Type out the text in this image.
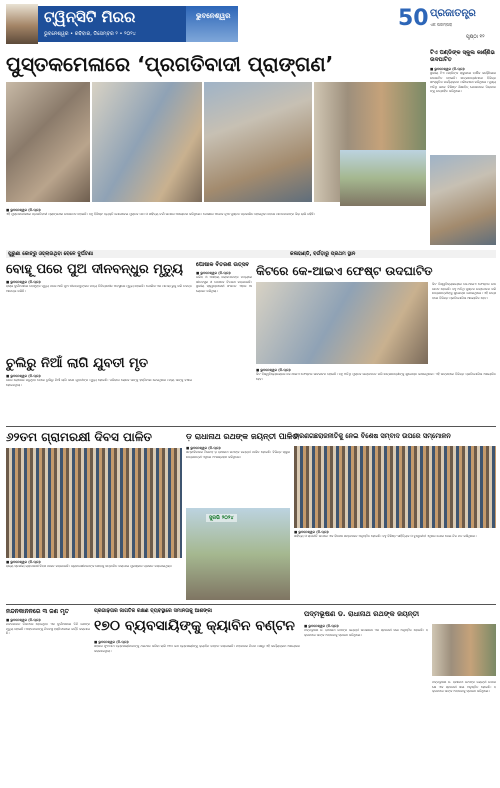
ଟ୍ୱିନ୍‌ସିଟି ମିରର
ଭୁବନେଶ୍ୱର • ରବିବାର, ଡିସେମ୍ବର ୨ • ୨୦୨୪
ଭୁବନେଶ୍ୱର	50 ପ୍ରଜାତନ୍ତ୍ର
ଏକ ପରମ୍ପରା
ପୃଷ୍ଠା ୧୨
ପୁସ୍ତକମେଳାରେ ‘ପ୍ରଗତିବାଦୀ ପ୍ରାଙ୍ଗଣ’
■ ଭୁବନେଶ୍ୱର (ନି.ପ୍ର):
ଏହି ପୁସ୍ତକମେଳାରେ ପ୍ରଗତିବାଦୀ ପ୍ରାଙ୍ଗଣର ଉଦଘାଟନ ହୋଇଛି। ବହୁ ବିଶିଷ୍ଟ ବ୍ୟକ୍ତି ଯୋଗଦେଇ ପୁସ୍ତକ ପାଠ ଓ ସାହିତ୍ୟ ଚର୍ଚ୍ଚା ଉପରେ ଆଲୋଚନା କରିଥିଲେ। ମେଳାରେ ଅନେକ ନୂଆ ପୁସ୍ତକ ପ୍ରକାଶିତ ହୋଇଥିବା ବେଳେ ପାଠକମାନଙ୍କ ଭିଡ଼ ଲାଗି ରହିଛି।
ଟିଏ ପଣ୍ଡିଙ୍କ ସ୍କୁଲ କାର୍ଣ୍ଣିଭ ଉଦଘାଟିତ
■ ଭୁବନେଶ୍ୱର (ନି.ପ୍ର):
ସ୍ଥାନୀୟ ଟିଏ ପଣ୍ଡିଙ୍କ ସ୍କୁଲରେ ବାର୍ଷିକ କାର୍ଣ୍ଣିଭାଲ ଉଦଘାଟିତ ହୋଇଛି। ଛାତ୍ରଛାତ୍ରୀମାନେ ବିଭିନ୍ନ ସାଂସ୍କୃତିକ କାର୍ଯ୍ୟକ୍ରମ ପରିବେଷଣ କରିଥିଲେ। ମୁଖ୍ୟ ଅତିଥି ଭାବେ ବିଶିଷ୍ଟ ଶିକ୍ଷାବିତ୍ ଯୋଗଦେଇ ପିଲାମାନଙ୍କୁ ଉତ୍ସାହିତ କରିଥିଲେ।
ପୁରୁଣା କୋଚ୍‌ରୁ ଓହ୍ଲାଉଥିବା ବେଳେ ଦୁର୍ଘଟଣା	କଳାହାଣ୍ଡି, ବର୍ଗଡ଼ାରୁ ପ୍ରଥମ ସ୍ଥାନ
ବୋହୂ ପରେ ପୁଅ ଦୀନବନ୍ଧୁର ମୃତ୍ୟୁ
■ ଭୁବନେଶ୍ୱର (ନି.ପ୍ର):
ରାସ୍ତା ଦୁର୍ଘଟଣାରେ ବୋହୂଙ୍କ ମୃତ୍ୟୁ ପରେ ଆଜି ପୁଅ ଦୀନବନ୍ଧୁଙ୍କର ମଧ୍ୟ ଚିକିତ୍ସାଧୀନ ଅବସ୍ଥାରେ ମୃତ୍ୟୁ ହୋଇଛି। ପୋଲିସ ଏକ ମାମଲା ରୁଜୁ କରି ତଦନ୍ତ ଆରମ୍ଭ କରିଛି।
ଚୁଲିରୁ ନିଆଁ ଲାଗି ଯୁବତୀ ମୃତ
■ ଭୁବନେଶ୍ୱର (ନି.ପ୍ର):
ଘରେ ରୋଷେଇ କରୁଥିବା ବେଳେ ଚୁଲିରୁ ନିଆଁ ଲାଗି ଜଣେ ଯୁବତୀଙ୍କ ମୃତ୍ୟୁ ହୋଇଛି। ପରିବାର ଲୋକେ ତାଙ୍କୁ ହସ୍ପିଟାଲ ନେଇଥିଲେ ମଧ୍ୟ ତାଙ୍କୁ ବଞ୍ଚାଇ ହୋଇନଥିଲା।
ପୋଷାକ ବିତରଣ ଉତ୍ସବ
■ ଭୁବନେଶ୍ୱର (ନି.ପ୍ର):
ଗରିବ ଓ ଅସହାୟ ଲୋକମାନଙ୍କ ମଧ୍ୟରେ ଶୀତବସ୍ତ୍ର ଓ ପୋଷାକ ବିତରଣ କରାଯାଇଛି। ସ୍ଥାନୀୟ ସ୍ୱେଚ୍ଛାସେବୀ ସଂଗଠନ ଏହାର ଆୟୋଜନ କରିଥିଲା।
କିଟରେ କେ-ଆଇଏ ଫେଷ୍ଟ ଉଦଘାଟିତ
■ ଭୁବନେଶ୍ୱର (ନି.ପ୍ର):
କିଟ ବିଶ୍ୱବିଦ୍ୟାଳୟରେ କେ-ଆଇଏ ଫେଷ୍ଟର ଉଦଘାଟନ ହୋଇଛି। ବହୁ ଅତିଥି ପୁସ୍ତକ ଉନ୍ମୋଚନ କରି ଛାତ୍ରଛାତ୍ରୀଙ୍କୁ ଶୁଭେଚ୍ଛା ଜଣାଇଥିଲେ। ଏହି ଉତ୍ସବରେ ବିଭିନ୍ନ ପ୍ରତିଯୋଗିତା ଆୟୋଜିତ ହେବ।
କିଟ ବିଶ୍ୱବିଦ୍ୟାଳୟରେ କେ-ଆଇଏ ଫେଷ୍ଟର ଉଦଘାଟନ ହୋଇଛି। ବହୁ ଅତିଥି ପୁସ୍ତକ ଉନ୍ମୋଚନ କରି ଛାତ୍ରଛାତ୍ରୀଙ୍କୁ ଶୁଭେଚ୍ଛା ଜଣାଇଥିଲେ। ଏହି ଉତ୍ସବରେ ବିଭିନ୍ନ ପ୍ରତିଯୋଗିତା ଆୟୋଜିତ ହେବ।
୬୨ତମ ଗ୍ରାମରକ୍ଷୀ ଦିବସ ପାଳିତ
■ ଭୁବନେଶ୍ୱର (ନି.ପ୍ର):
ରାଜ୍ୟ ସ୍ତରୀୟ ଗ୍ରାମରକ୍ଷୀ ଦିବସ ପାଳନ କରାଯାଇଛି। ଗ୍ରାମରକ୍ଷୀମାନଙ୍କ ସେବାକୁ ସମ୍ମାନିତ କରାଯାଇ ପୁରସ୍କାର ପ୍ରଦାନ କରାଯାଇଥିଲା।
ଡ଼ ରାଧାନାଥ ରଥଙ୍କ ଜୟନ୍ତୀ ପାଳିତ
■ ଭୁବନେଶ୍ୱର (ନି.ପ୍ର):
ସମ୍ବାଦିକତାର ପିତାମହ ଡ଼ ରାଧାନାଥ ରଥଙ୍କ ଜୟନ୍ତୀ ପାଳିତ ହୋଇଛି। ବିଭିନ୍ନ ସ୍କୁଲ ଛାତ୍ରଛାତ୍ରୀ ଏଥିରେ ଅଂଶଗ୍ରହଣ କରିଥିଲେ।
ସୁରଭି ୨୦୨୪
ଚାରଣଗଛରାଜନୀତିକୁ ନେଇ ବିଶେଷ ସମ୍ବାଦ ଉପରେ ସମ୍ମୋଳନ
■ ଭୁବନେଶ୍ୱର (ନି.ପ୍ର):
ସାହିତ୍ୟ ଓ ରାଜନୀତି ଉପରେ ଏକ ବିଶେଷ ସମ୍ମୋଳନ ଅନୁଷ୍ଠିତ ହୋଇଛି। ବହୁ ବିଶିଷ୍ଟ ସାହିତ୍ୟିକ ଓ ବୁଦ୍ଧିଜୀବୀ ଏଥିରେ ଯୋଗ ଦେଇ ନିଜ ମତ ରଖିଥିଲେ।
ନନ୍ଦନକାନନରେ ୩ ଜଣ ମୃତ
■ ଭୁବନେଶ୍ୱର (ନି.ପ୍ର):
ନନ୍ଦନକାନନ ନିକଟରେ ହୋଇଥିବା ଏକ ଦୁର୍ଘଟଣାରେ ତିନି ଜଣଙ୍କ ମୃତ୍ୟୁ ହୋଇଛି। ଆହତମାନଙ୍କୁ ନିକଟସ୍ଥ ହସ୍ପିଟାଲରେ ଭର୍ତ୍ତି କରାଯାଇଛି।
ପ୍ରଗାଢ଼ତାର ଜାଗତିକ ରକ୍ଷଣ ବ୍ୟବସ୍ଥାରେ ସମାନତାକୁ ଆଶଙ୍କା
୧୭୦ ବ୍ୟବସାୟିଙ୍କୁ କ୍ୟାବିନ ବଣ୍ଟନ
■ ଭୁବନେଶ୍ୱର (ନି.ପ୍ର):
ସହରର ଫୁଟପାଥ ବ୍ୟବସାୟୀମାନଙ୍କୁ ଥଇଥାନ କରିବା ଲାଗି ୧୭୦ ଜଣ ବ୍ୟବସାୟୀଙ୍କୁ କ୍ୟାବିନ ବଣ୍ଟନ କରାଯାଇଛି। ମହାନଗର ନିଗମ ପକ୍ଷରୁ ଏହି କାର୍ଯ୍ୟକ୍ରମ ଆୟୋଜନ କରାଯାଇଥିଲା।
ପଦ୍ମଭୂଷଣ ଡ. ରାଧାନାଥ ରଥଙ୍କ ଜୟନ୍ତୀ
■ ଭୁବନେଶ୍ୱର (ନି.ପ୍ର):
ପଦ୍ମଭୂଷଣ ଡ. ରାଧାନାଥ ରଥଙ୍କ ଜୟନ୍ତୀ ଉପଲକ୍ଷେ ଏକ ସ୍ମାରକୀ ସଭା ଅନୁଷ୍ଠିତ ହୋଇଛି। ବକ୍ତାମାନେ ତାଙ୍କ ଅବଦାନକୁ ସ୍ମରଣ କରିଥିଲେ।
ପଦ୍ମଭୂଷଣ ଡ. ରାଧାନାଥ ରଥଙ୍କ ଜୟନ୍ତୀ ଉପଲକ୍ଷେ ଏକ ସ୍ମାରକୀ ସଭା ଅନୁଷ୍ଠିତ ହୋଇଛି। ବକ୍ତାମାନେ ତାଙ୍କ ଅବଦାନକୁ ସ୍ମରଣ କରିଥିଲେ।
